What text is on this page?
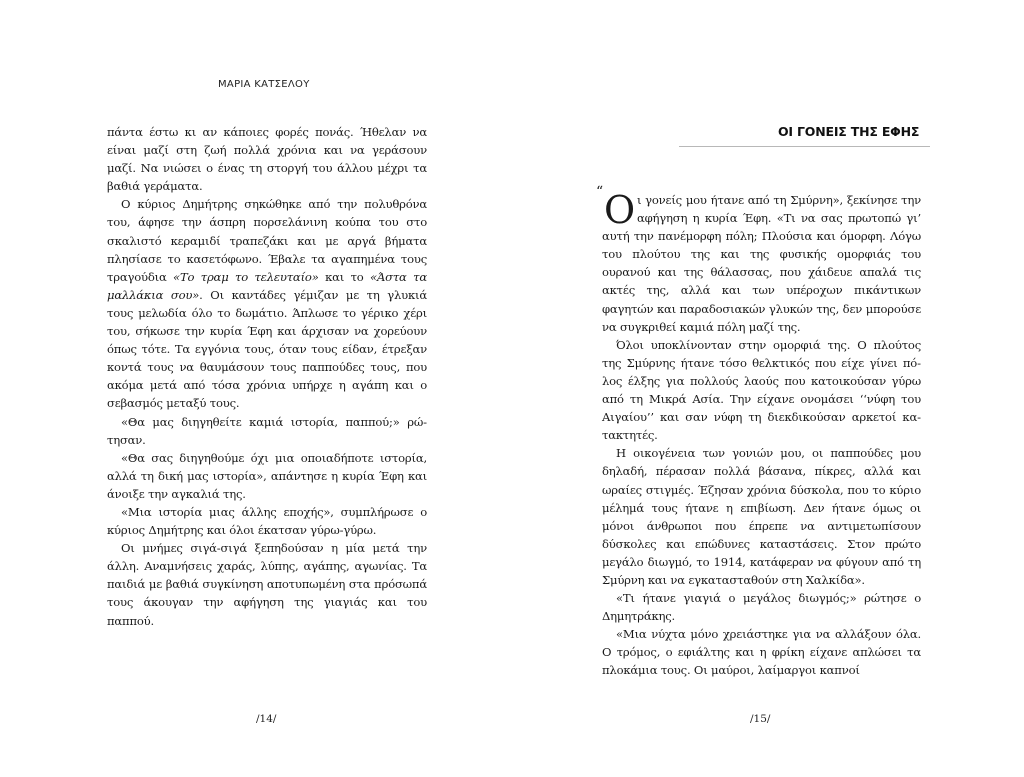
ΜΑΡΙΑ ΚΑΤΣΕΛΟΥ

πάντα έστω κι αν κάποιες φορές πονάς. Ήθελαν να είναι μαζί στη ζωή πολλά χρόνια και να γεράσουν μαζί. Να νιώσει ο ένας τη στοργή του άλλου μέχρι τα βαθιά γεράματα.

Ο κύριος Δημήτρης σηκώθηκε από την πολυθρόνα του, άφησε την άσπρη πορσελάνινη κούπα του στο σκαλιστό κεραμιδί τραπεζάκι και με αργά βήματα πλησίασε το κασετόφωνο. Έβαλε τα αγαπημένα τους τραγούδια «Το τραμ το τελευταίο» και το «Άστα τα μαλλάκια σου». Οι καντάδες γέμιζαν με τη γλυκιά τους μελωδία όλο το δωμάτιο. Άπλωσε το γέρικο χέρι του, σήκωσε την κυρία Έφη και άρχισαν να χορεύουν όπως τότε. Τα εγγόνια τους, όταν τους είδαν, έτρεξαν κοντά τους να θαυμάσουν τους παππούδες τους, που ακόμα μετά από τόσα χρόνια υπήρχε η αγάπη και ο σεβασμός μεταξύ τους.

«Θα μας διηγηθείτε καμιά ιστορία, παππού;» ρώτησαν.

«Θα σας διηγηθούμε όχι μια οποιαδήποτε ιστορία, αλλά τη δική μας ιστορία», απάντησε η κυρία Έφη και άνοιξε την αγκαλιά της.

«Μια ιστορία μιας άλλης εποχής», συμπλήρωσε ο κύριος Δημήτρης και όλοι έκατσαν γύρω-γύρω.

Οι μνήμες σιγά-σιγά ξεπηδούσαν η μία μετά την άλλη. Αναμνήσεις χαράς, λύπης, αγάπης, αγωνίας. Τα παιδιά με βαθιά συγκίνηση αποτυπωμένη στα πρόσωπά τους άκουγαν την αφήγηση της γιαγιάς και του παππού.

/14/
ΟΙ ΓΟΝΕΙΣ ΤΗΣ ΕΦΗΣ

“ Ο ι γονείς μου ήτανε από τη Σμύρνη», ξεκίνησε την αφήγηση η κυρία Έφη. «Τι να σας πρωτοπώ γι’ αυτή την πανέμορφη πόλη; Πλούσια και όμορφη. Λόγω του πλούτου της και της φυσικής ομορφιάς του ουρανού και της θάλασσας, που χάιδευε απαλά τις ακτές της, αλλά και των υπέροχων πικάντικων φαγητών και παραδοσιακών γλυκών της, δεν μπορούσε να συγκριθεί καμιά πόλη μαζί της.

Όλοι υποκλίνονταν στην ομορφιά της. Ο πλούτος της Σμύρνης ήτανε τόσο θελκτικός που είχε γίνει πόλος έλξης για πολλούς λαούς που κατοικούσαν γύρω από τη Μικρά Ασία. Την είχανε ονομάσει ‘‘νύφη του Αιγαίου’’ και σαν νύφη τη διεκδικούσαν αρκετοί κατακτητές.

Η οικογένεια των γονιών μου, οι παππούδες μου δηλαδή, πέρασαν πολλά βάσανα, πίκρες, αλλά και ωραίες στιγμές. Έζησαν χρόνια δύσκολα, που το κύριο μέλημά τους ήτανε η επιβίωση. Δεν ήτανε όμως οι μόνοι άνθρωποι που έπρεπε να αντιμετωπίσουν δύσκολες και επώδυνες καταστάσεις. Στον πρώτο μεγάλο διωγμό, το 1914, κατάφεραν να φύγουν από τη Σμύρνη και να εγκατασταθούν στη Χαλκίδα».

«Τι ήτανε γιαγιά ο μεγάλος διωγμός;» ρώτησε ο Δημητράκης.

«Μια νύχτα μόνο χρειάστηκε για να αλλάξουν όλα. Ο τρόμος, ο εφιάλτης και η φρίκη είχανε απλώσει τα πλοκάμια τους. Οι μαύροι, λαίμαργοι καπνοί

/15/
